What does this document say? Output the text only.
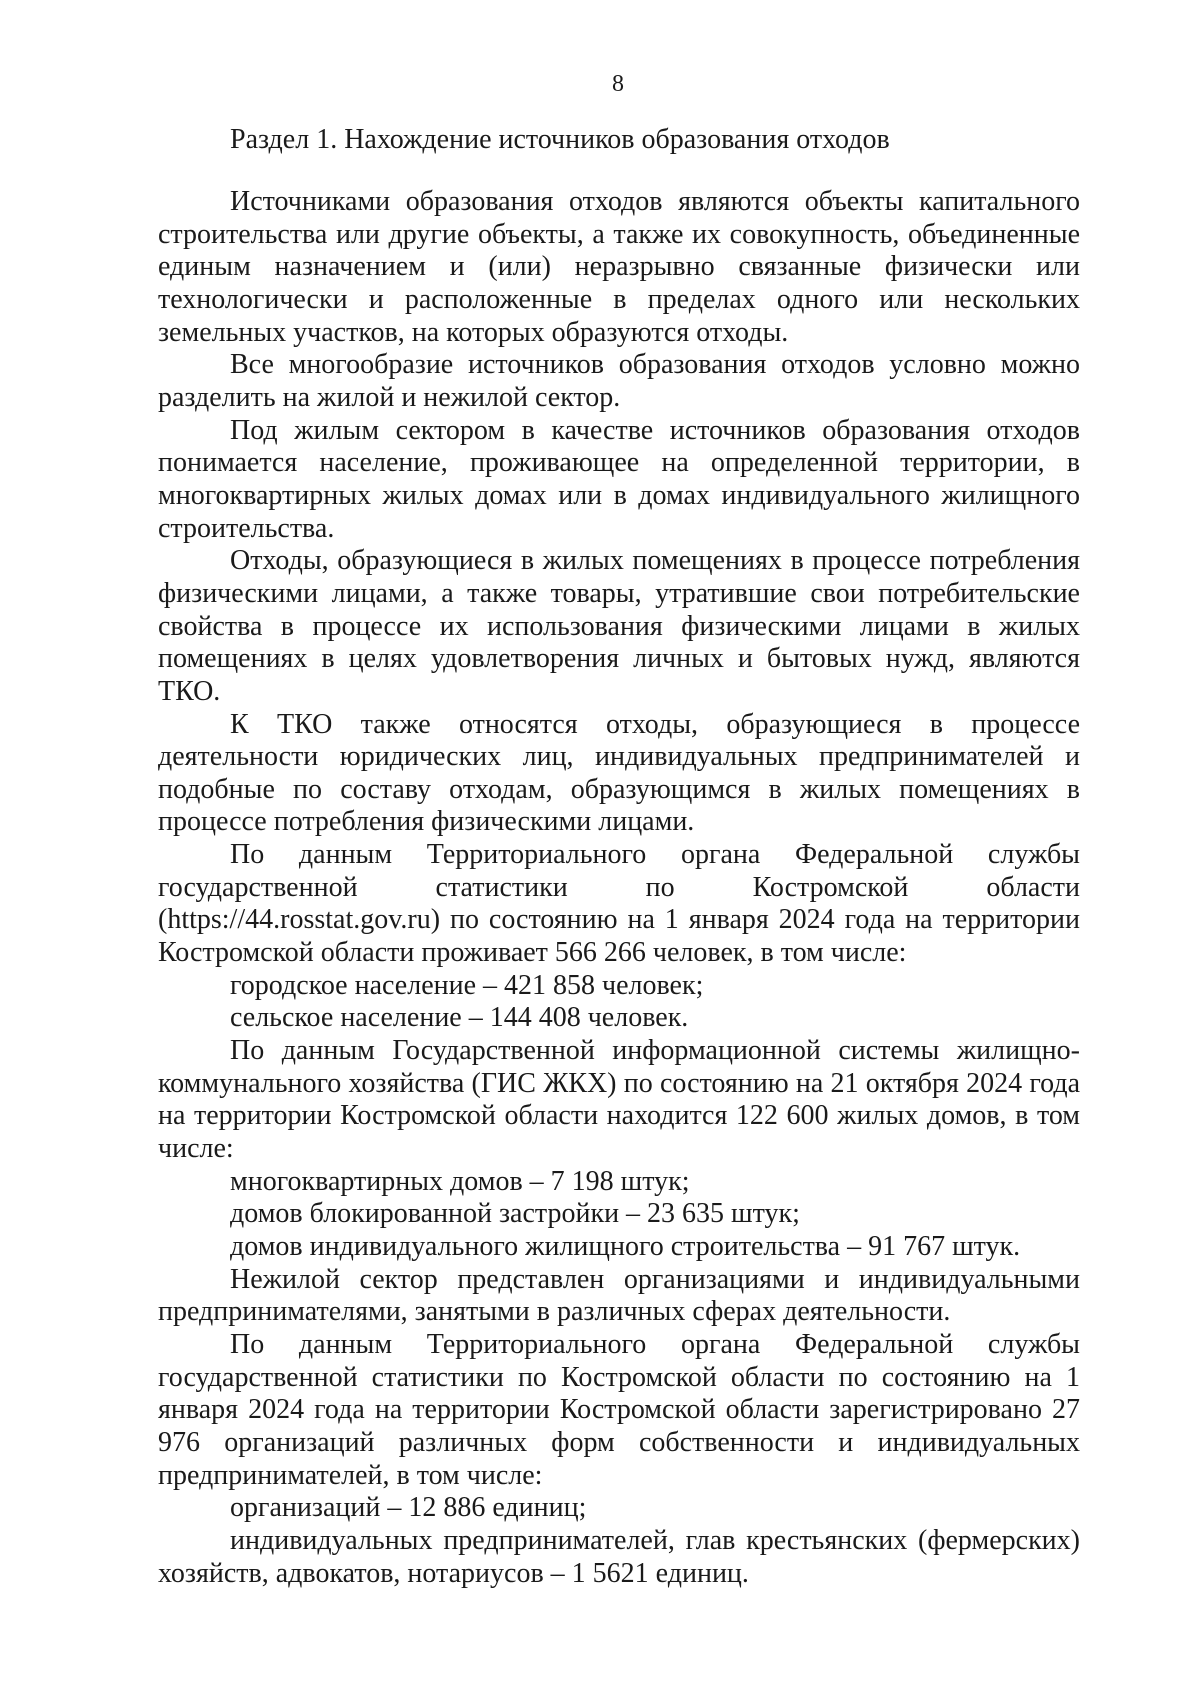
8
Раздел 1. Нахождение источников образования отходов

Источниками образования отходов являются объекты капитального строительства или другие объекты, а также их совокупность, объединенные единым назначением и (или) неразрывно связанные физически или технологически и расположенные в пределах одного или нескольких земельных участков, на которых образуются отходы.

Все многообразие источников образования отходов условно можно разделить на жилой и нежилой сектор.

Под жилым сектором в качестве источников образования отходов понимается население, проживающее на определенной территории, в многоквартирных жилых домах или в домах индивидуального жилищного строительства.

Отходы, образующиеся в жилых помещениях в процессе потребления физическими лицами, а также товары, утратившие свои потребительские свойства в процессе их использования физическими лицами в жилых помещениях в целях удовлетворения личных и бытовых нужд, являются ТКО.

К ТКО также относятся отходы, образующиеся в процессе деятельности юридических лиц, индивидуальных предпринимателей и подобные по составу отходам, образующимся в жилых помещениях в процессе потребления физическими лицами.

По данным Территориального органа Федеральной службы государственной статистики по Костромской области (https://44.rosstat.gov.ru) по состоянию на 1 января 2024 года на территории Костромской области проживает 566 266 человек, в том числе:

городское население – 421 858 человек;

сельское население – 144 408 человек.

По данным Государственной информационной системы жилищно-коммунального хозяйства (ГИС ЖКХ) по состоянию на 21 октября 2024 года на территории Костромской области находится 122 600 жилых домов, в том числе:

многоквартирных домов – 7 198 штук;

домов блокированной застройки – 23 635 штук;

домов индивидуального жилищного строительства – 91 767 штук.

Нежилой сектор представлен организациями и индивидуальными предпринимателями, занятыми в различных сферах деятельности.

По данным Территориального органа Федеральной службы государственной статистики по Костромской области по состоянию на 1 января 2024 года на территории Костромской области зарегистрировано 27 976 организаций различных форм собственности и индивидуальных предпринимателей, в том числе:

организаций – 12 886 единиц;

индивидуальных предпринимателей, глав крестьянских (фермерских) хозяйств, адвокатов, нотариусов – 1 5621 единиц.
